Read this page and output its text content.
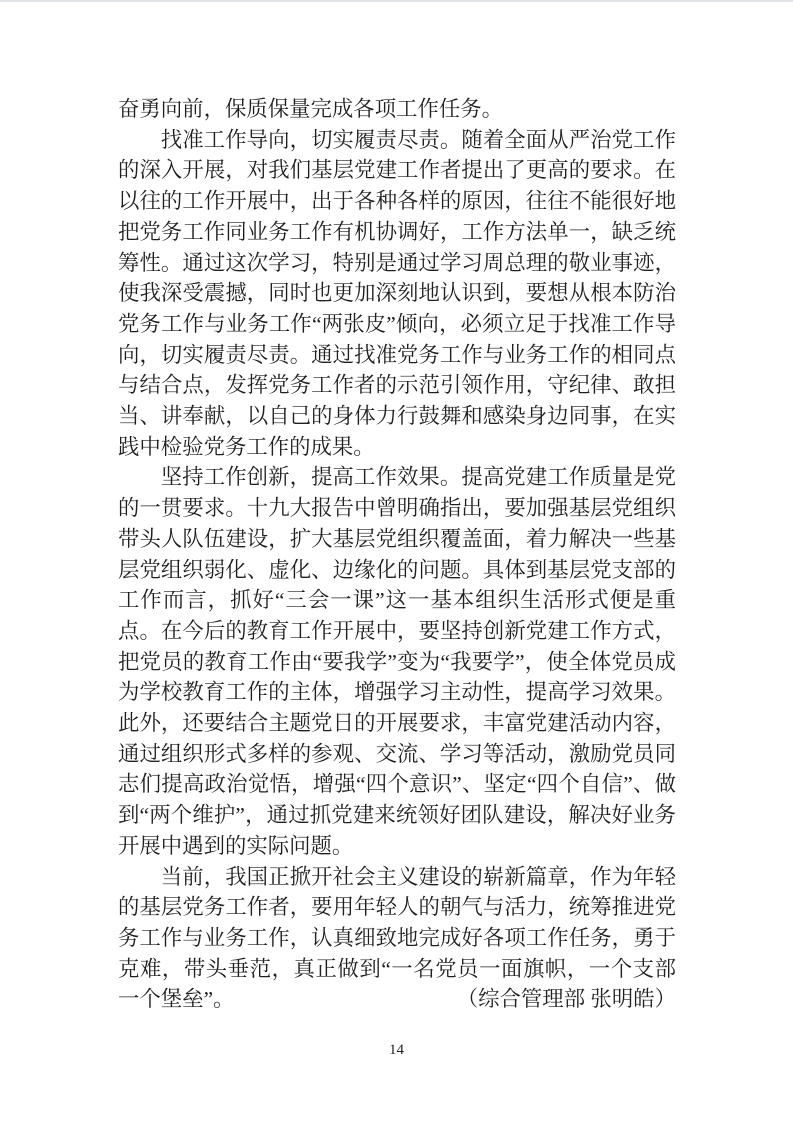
奋勇向前，保质保量完成各项工作任务。

找准工作导向，切实履责尽责。随着全面从严治党工作的深入开展，对我们基层党建工作者提出了更高的要求。在以往的工作开展中，出于各种各样的原因，往往不能很好地把党务工作同业务工作有机协调好，工作方法单一，缺乏统筹性。通过这次学习，特别是通过学习周总理的敬业事迹，使我深受震撼，同时也更加深刻地认识到，要想从根本防治党务工作与业务工作“两张皮”倾向，必须立足于找准工作导向，切实履责尽责。通过找准党务工作与业务工作的相同点与结合点，发挥党务工作者的示范引领作用，守纪律、敢担当、讲奉献，以自己的身体力行鼓舞和感染身边同事，在实践中检验党务工作的成果。

坚持工作创新，提高工作效果。提高党建工作质量是党的一贯要求。十九大报告中曾明确指出，要加强基层党组织带头人队伍建设，扩大基层党组织覆盖面，着力解决一些基层党组织弱化、虚化、边缘化的问题。具体到基层党支部的工作而言，抓好“三会一课”这一基本组织生活形式便是重点。在今后的教育工作开展中，要坚持创新党建工作方式，把党员的教育工作由“要我学”变为“我要学”，使全体党员成为学校教育工作的主体，增强学习主动性，提高学习效果。此外，还要结合主题党日的开展要求，丰富党建活动内容，通过组织形式多样的参观、交流、学习等活动，激励党员同志们提高政治觉悟，增强“四个意识”、坚定“四个自信”、做到“两个维护”，通过抓党建来统领好团队建设，解决好业务开展中遇到的实际问题。

当前，我国正掀开社会主义建设的崭新篇章，作为年轻的基层党务工作者，要用年轻人的朝气与活力，统筹推进党务工作与业务工作，认真细致地完成好各项工作任务，勇于克难，带头垂范，真正做到“一名党员一面旗帜，一个支部一个堡垒”。	（综合管理部 张明皓）

14
